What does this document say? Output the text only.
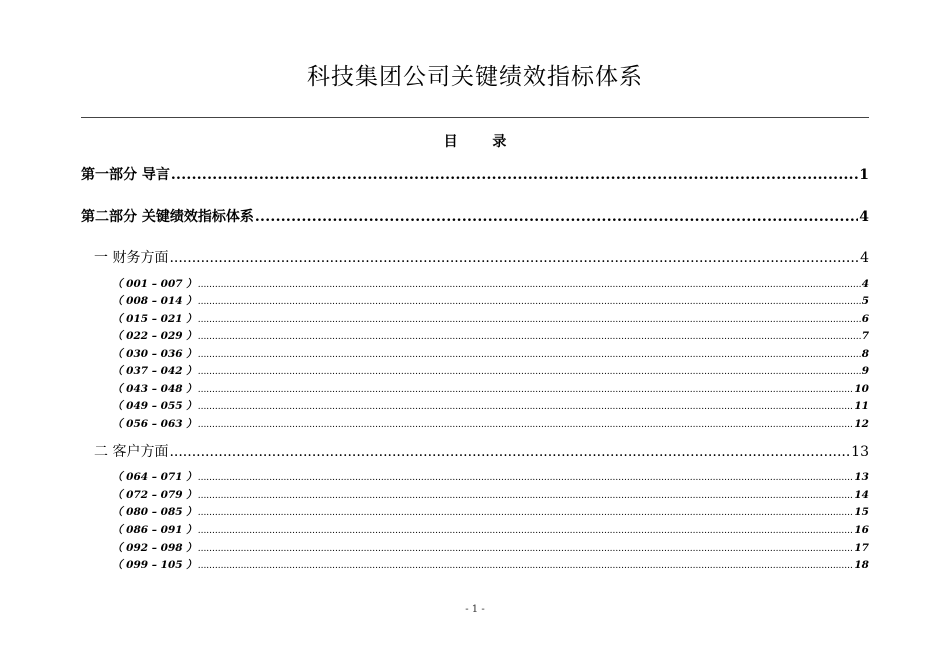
科技集团公司关键绩效指标体系
目 录
第一部分 导言 .....	1
第二部分 关键绩效指标体系 .....	4
一 财务方面 .....	4
（ 001 – 007 ） .....	4
（ 008 – 014 ） .....	5
（ 015 – 021 ） .....	6
（ 022 – 029 ） .....	7
（ 030 – 036 ） .....	8
（ 037 – 042 ） .....	9
（ 043 – 048 ） .....	10
（ 049 – 055 ） .....	11
（ 056 – 063 ） .....	12
二 客户方面 .....	13
（ 064 – 071 ） .....	13
（ 072 – 079 ） .....	14
（ 080 – 085 ） .....	15
（ 086 – 091 ） .....	16
（ 092 – 098 ） .....	17
（ 099 – 105 ） .....	18
- 1 -
